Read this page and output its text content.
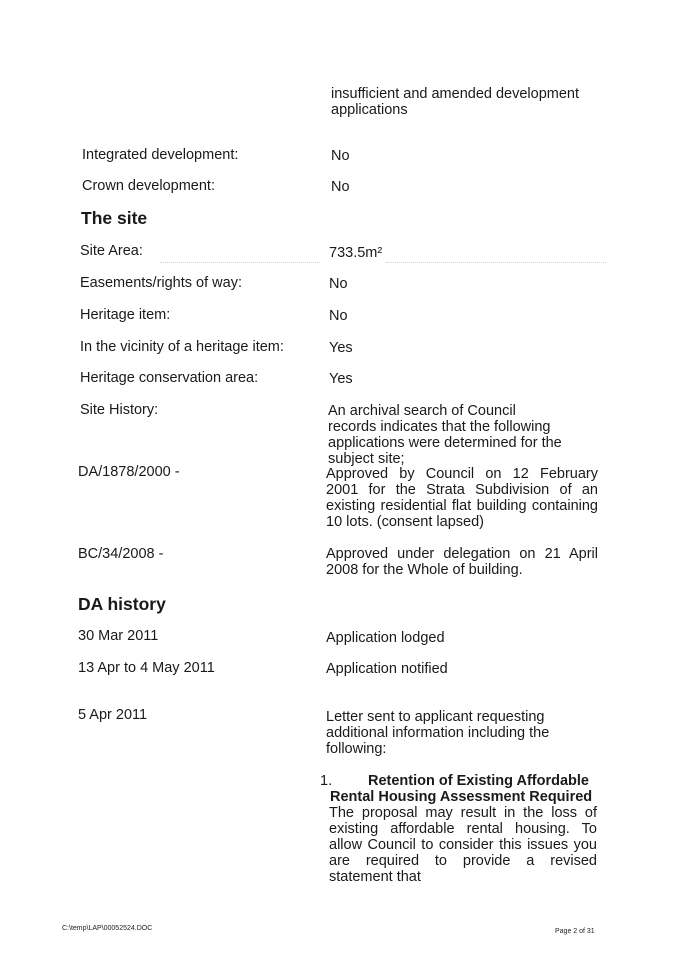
insufficient and amended development applications
Integrated development:	No
Crown development:	No
The site
Site Area:	733.5m²
Easements/rights of way:	No
Heritage item:	No
In the vicinity of a heritage item:	Yes
Heritage conservation area:	Yes
Site History:	An archival search of Council records indicates that the following applications were determined for the subject site;
DA/1878/2000 -	Approved by Council on 12 February 2001 for the Strata Subdivision of an existing residential flat building containing 10 lots. (consent lapsed)
BC/34/2008 -	Approved under delegation on 21 April 2008 for the Whole of building.
DA history
30 Mar 2011	Application lodged
13 Apr to 4 May 2011	Application notified
5 Apr 2011	Letter sent to applicant requesting additional information including the following:
1.	Retention of Existing Affordable Rental Housing Assessment Required
The proposal may result in the loss of existing affordable rental housing. To allow Council to consider this issues you are required to provide a revised statement that
C:\temp\LAP\00052524.DOC	Page 2 of 31
